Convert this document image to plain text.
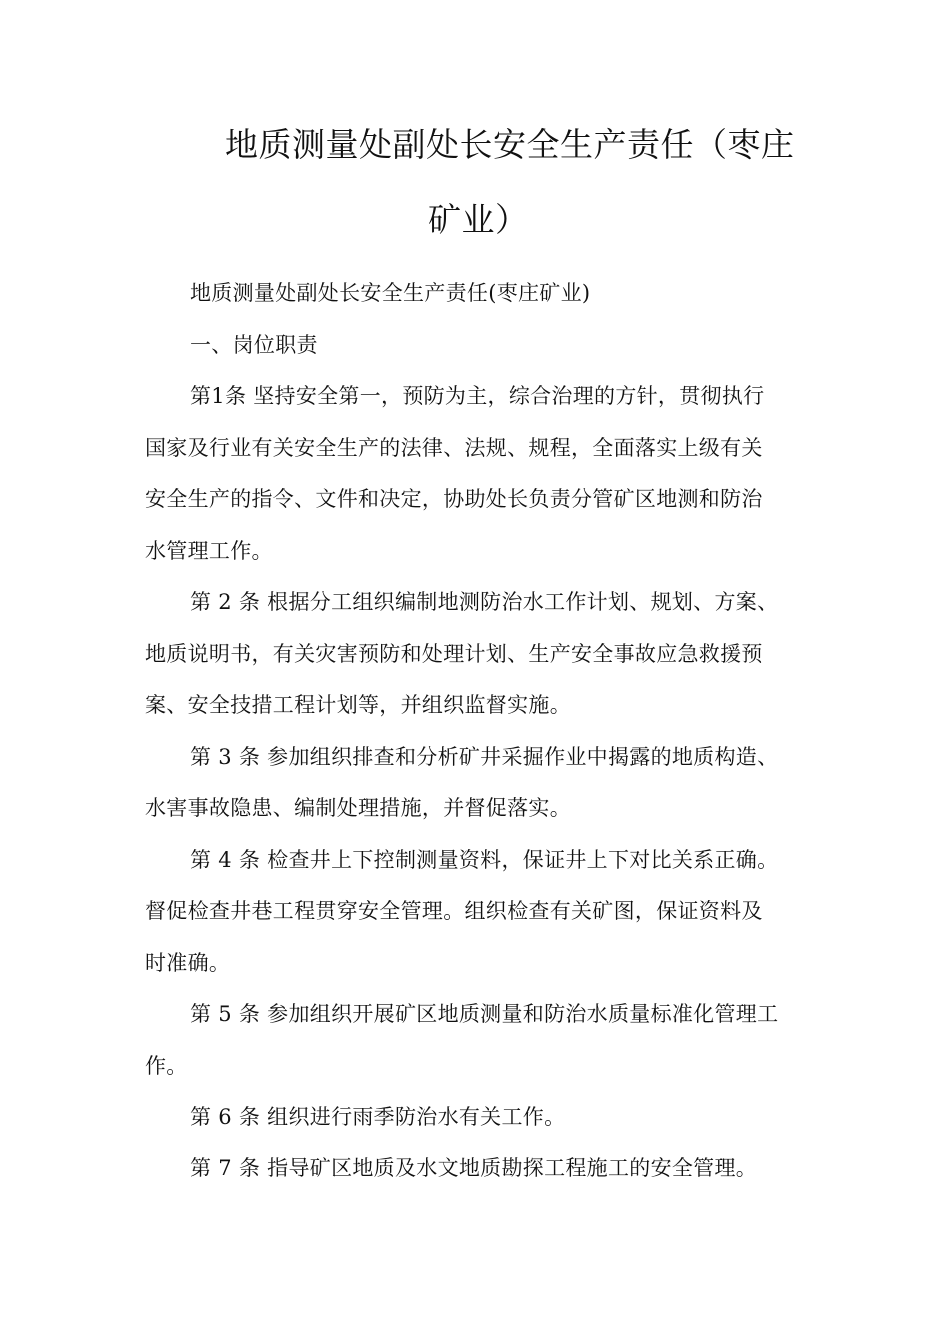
地质测量处副处长安全生产责任（枣庄
矿业）
地质测量处副处长安全生产责任(枣庄矿业)
一、岗位职责
第1条 坚持安全第一，预防为主，综合治理的方针，贯彻执行
国家及行业有关安全生产的法律、法规、规程，全面落实上级有关
安全生产的指令、文件和决定，协助处长负责分管矿区地测和防治
水管理工作。
第 2 条 根据分工组织编制地测防治水工作计划、规划、方案、
地质说明书，有关灾害预防和处理计划、生产安全事故应急救援预
案、安全技措工程计划等，并组织监督实施。
第 3 条 参加组织排查和分析矿井采掘作业中揭露的地质构造、
水害事故隐患、编制处理措施，并督促落实。
第 4 条 检查井上下控制测量资料，保证井上下对比关系正确。
督促检查井巷工程贯穿安全管理。组织检查有关矿图，保证资料及
时准确。
第 5 条 参加组织开展矿区地质测量和防治水质量标准化管理工
作。
第 6 条 组织进行雨季防治水有关工作。
第 7 条 指导矿区地质及水文地质勘探工程施工的安全管理。
